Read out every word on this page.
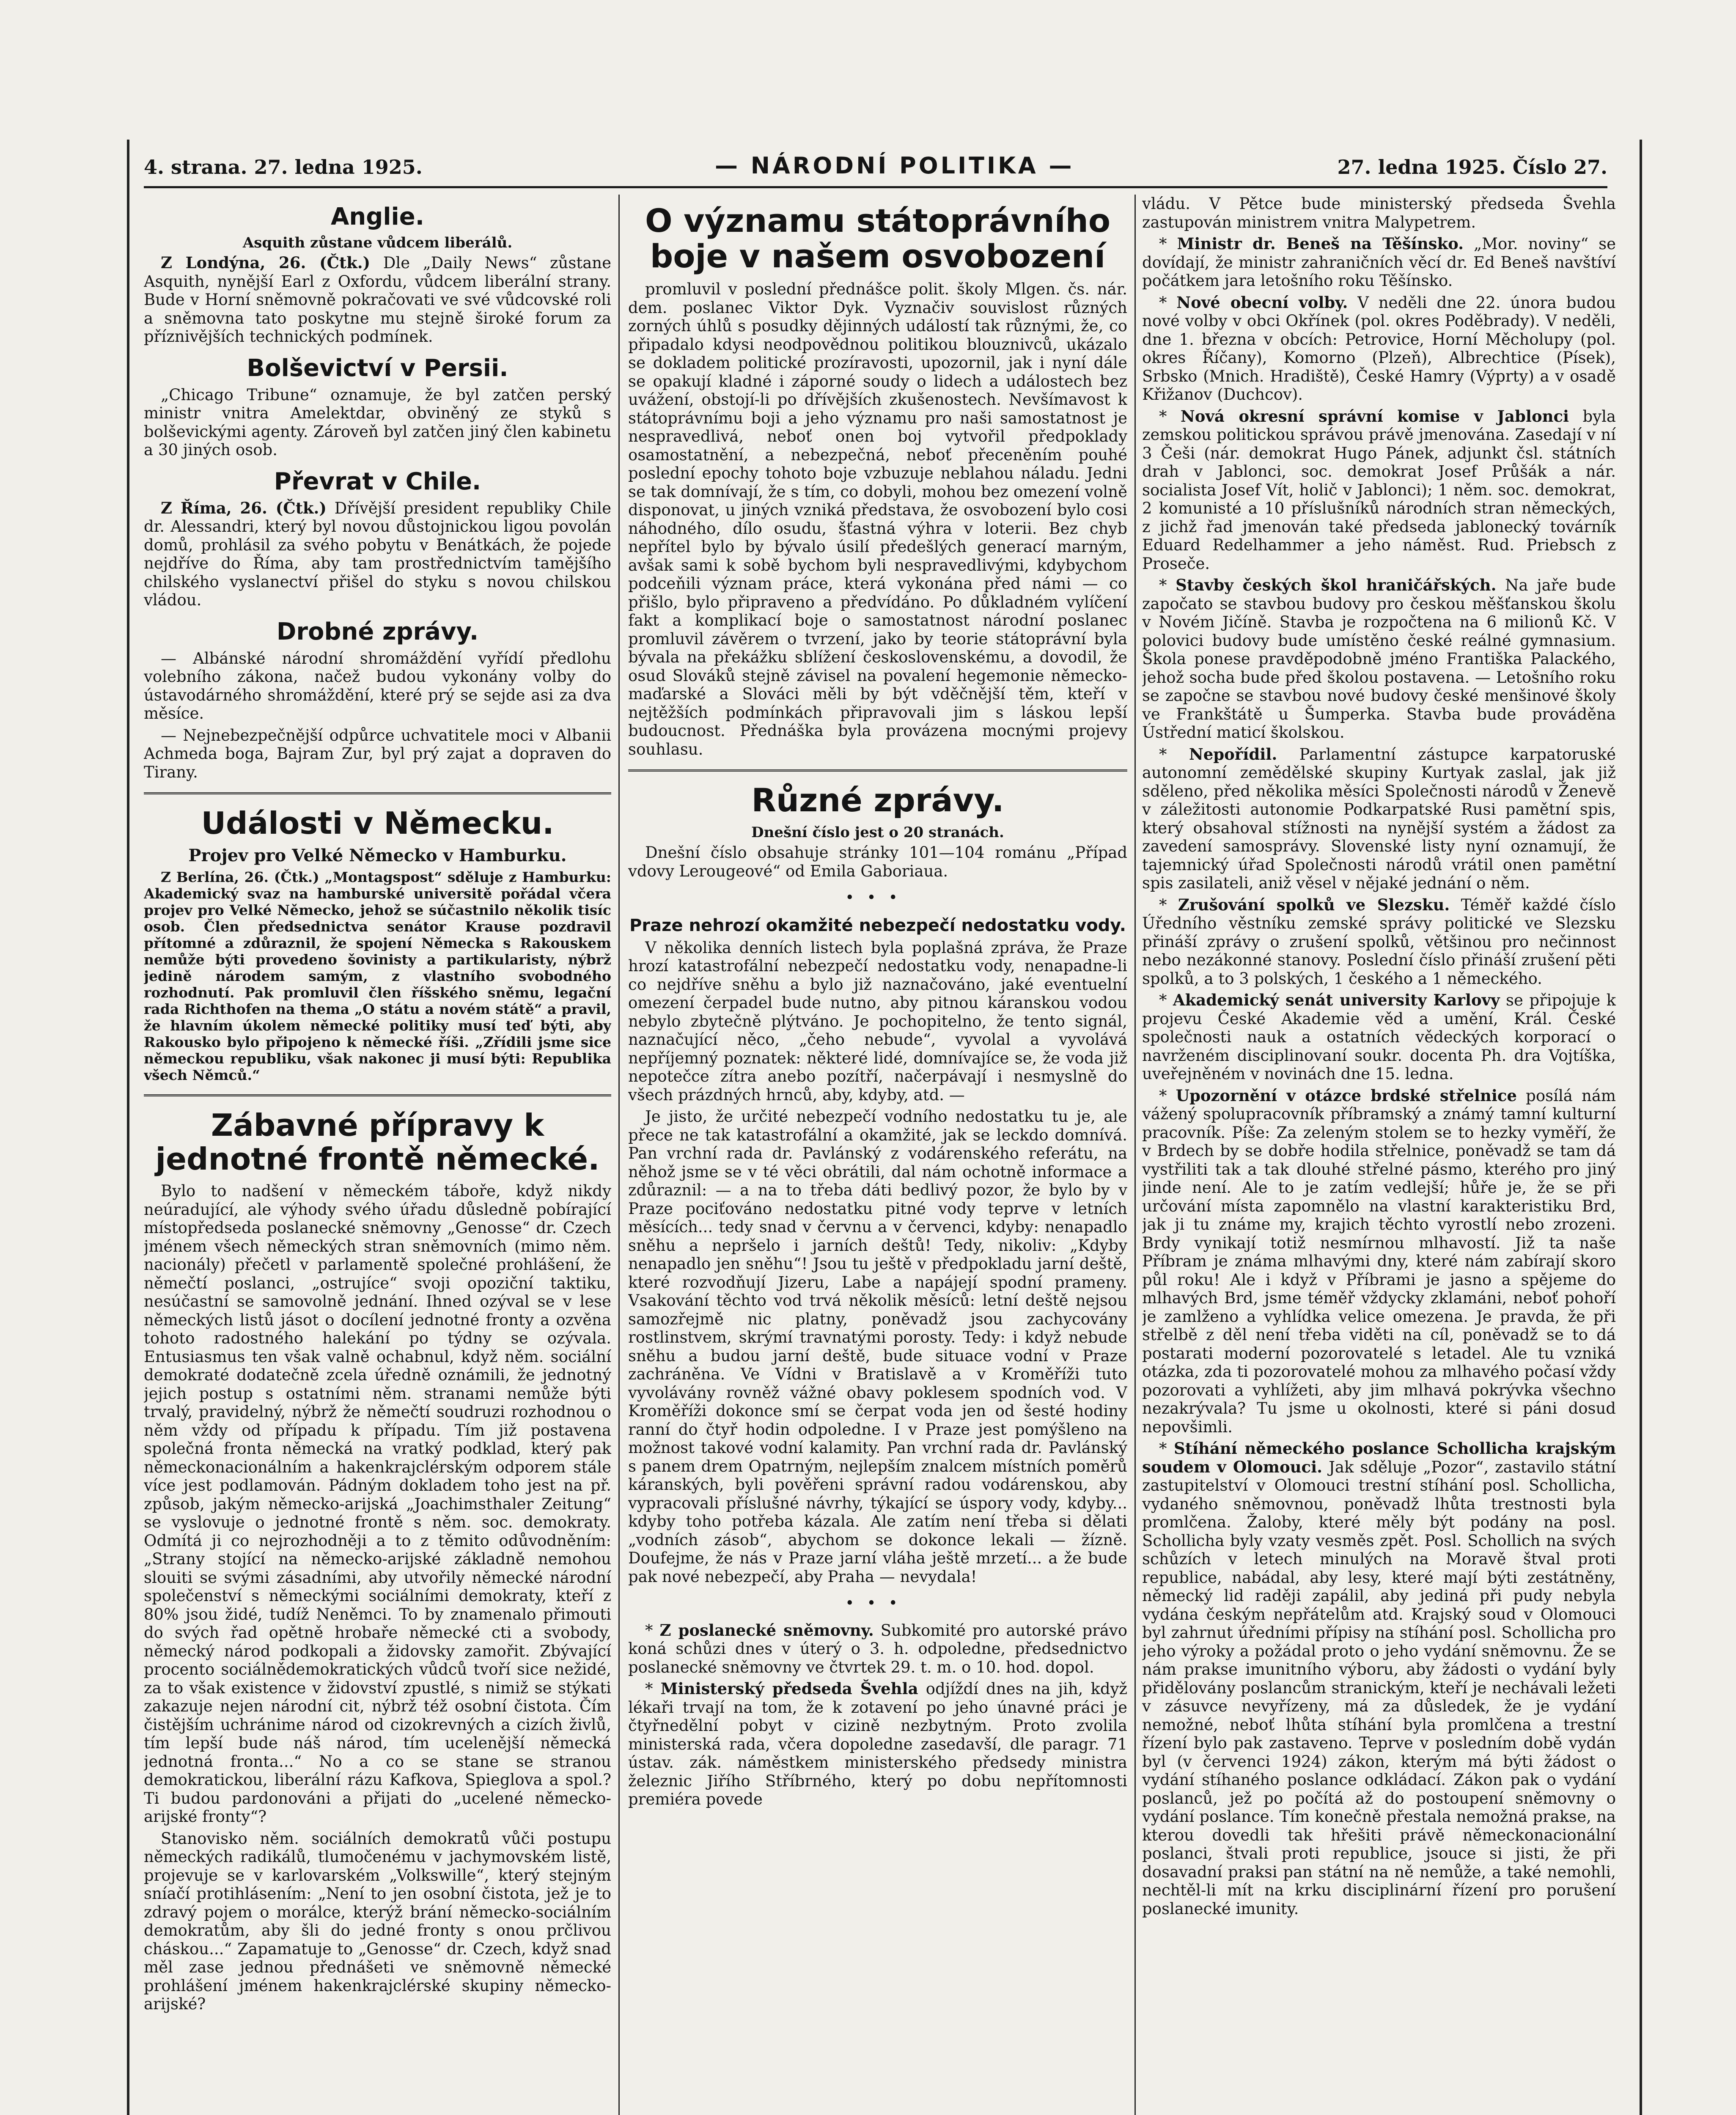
4. strana. 27. ledna 1925.	— NÁRODNÍ POLITIKA —	27. ledna 1925. Číslo 27.
Anglie.
Asquith zůstane vůdcem liberálů.

Z Londýna, 26. (Čtk.) Dle „Daily News“ zůstane Asquith, nynější Earl z Oxfordu, vůdcem liberální strany. Bude v Horní sněmovně pokračovati ve své vůdcovské roli a sněmovna tato poskytne mu stejně široké forum za příznivějších technických podmínek.

Bolševictví v Persii.

„Chicago Tribune“ oznamuje, že byl zatčen perský ministr vnitra Amelektdar, obviněný ze styků s bolševickými agenty. Zároveň byl zatčen jiný člen kabinetu a 30 jiných osob.

Převrat v Chile.

Z Říma, 26. (Čtk.) Dřívější president republiky Chile dr. Alessandri, který byl novou důstojnickou ligou povolán domů, prohlásil za svého pobytu v Benátkách, že pojede nejdříve do Říma, aby tam prostřednictvím tamějšího chilského vyslanectví přišel do styku s novou chilskou vládou.

Drobné zprávy.

— Albánské národní shromáždění vyřídí předlohu volebního zákona, načež budou vykonány volby do ústavodárného shromáždění, které prý se sejde asi za dva měsíce.

— Nejnebezpečnější odpůrce uchvatitele moci v Albanii Achmeda boga, Bajram Zur, byl prý zajat a dopraven do Tirany.

Události v Německu.
Projev pro Velké Německo v Hamburku.

Z Berlína, 26. (Čtk.) „Montagspost“ sděluje z Hamburku: Akademický svaz na hamburské universitě pořádal včera projev pro Velké Německo, jehož se súčastnilo několik tisíc osob. Člen předsednictva senátor Krause pozdravil přítomné a zdůraznil, že spojení Německa s Rakouskem nemůže býti provedeno šovinisty a partikularisty, nýbrž jedině národem samým, z vlastního svobodného rozhodnutí. Pak promluvil člen říšského sněmu, legační rada Richthofen na thema „O státu a novém státě“ a pravil, že hlavním úkolem německé politiky musí teď býti, aby Rakousko bylo připojeno k německé říši. „Zřídili jsme sice německou republiku, však nakonec ji musí býti: Republika všech Němců.“

Zábavné přípravy k jednotné frontě německé.

Bylo to nadšení v německém táboře, když nikdy neúradující, ale výhody svého úřadu důsledně pobírající místopředseda poslanecké sněmovny „Genosse“ dr. Czech jménem všech německých stran sněmovních (mimo něm. nacionály) přečetl v parlamentě společné prohlášení, že němečtí poslanci, „ostrujíce“ svoji opoziční taktiku, nesúčastní se samovolně jednání. Ihned ozýval se v lese německých listů jásot o docílení jednotné fronty a ozvěna tohoto radostného halekání po týdny se ozývala. Entusiasmus ten však valně ochabnul, když něm. sociální demokraté dodatečně zcela úředně oznámili, že jednotný jejich postup s ostatními něm. stranami nemůže býti trvalý, pravidelný, nýbrž že němečtí soudruzi rozhodnou o něm vždy od případu k případu. Tím již postavena společná fronta německá na vratký podklad, který pak německonacionálním a hakenkrajclérským odporem stále více jest podlamován. Pádným dokladem toho jest na př. způsob, jakým německo-arijská „Joachimsthaler Zeitung“ se vyslovuje o jednotné frontě s něm. soc. demokraty. Odmítá ji co nejrozhodněji a to z těmito odůvodněním: „Strany stojící na německo-arijské základně nemohou slouiti se svými zásadními, aby utvořily německé národní společenství s německými sociálními demokraty, kteří z 80% jsou židé, tudíž Neněmci. To by znamenalo přimouti do svých řad opětně hrobaře německé cti a svobody, německý národ podkopali a židovsky zamořit. Zbývající procento sociálnědemokratických vůdců tvoří sice nežidé, za to však existence v židovství zpustlé, s nimiž se stýkati zakazuje nejen národní cit, nýbrž též osobní čistota. Čím čistějším uchránime národ od cizokrevných a cizích živlů, tím lepší bude náš národ, tím ucelenější německá jednotná fronta...“ No a co se stane se stranou demokratickou, liberální rázu Kafkova, Spieglova a spol.? Ti budou pardonováni a přijati do „ucelené německo-arijské fronty“?

Stanovisko něm. sociálních demokratů vůči postupu německých radikálů, tlumočenému v jachymovském listě, projevuje se v karlovarském „Volkswille“, který stejným sníačí protihlásením: „Není to jen osobní čistota, jež je to zdravý pojem o morálce, kterýž brání německo-sociálním demokratům, aby šli do jedné fronty s onou prčlivou cháskou...“ Zapamatuje to „Genosse“ dr. Czech, když snad měl zase jednou přednášeti ve sněmovně německé prohlášení jménem hakenkrajclérské skupiny německo-arijské?

O významu státoprávního boje v našem osvobození

promluvil v poslední přednášce polit. školy Mlgen. čs. nár. dem. poslanec Viktor Dyk. Vyznačiv souvislost různých zorných úhlů s posudky dějinných událostí tak různými, že, co připadalo kdysi neodpovědnou politikou blouznivců, ukázalo se dokladem politické prozíravosti, upozornil, jak i nyní dále se opakují kladné i záporné soudy o lidech a událostech bez uvážení, obstojí-li po dřívějších zkušenostech. Nevšímavost k státoprávnímu boji a jeho významu pro naši samostatnost je nespravedlivá, neboť onen boj vytvořil předpoklady osamostatnění, a nebezpečná, neboť přeceněním pouhé poslední epochy tohoto boje vzbuzuje neblahou náladu. Jedni se tak domnívají, že s tím, co dobyli, mohou bez omezení volně disponovat, u jiných vzniká představa, že osvobození bylo cosi náhodného, dílo osudu, šťastná výhra v loterii. Bez chyb nepřítel bylo by bývalo úsilí předešlých generací marným, avšak sami k sobě bychom byli nespravedlivými, kdybychom podceňili význam práce, která vykonána před námi — co přišlo, bylo připraveno a předvídáno. Po důkladném vylíčení fakt a komplikací boje o samostatnost národní poslanec promluvil závěrem o tvrzení, jako by teorie státoprávní byla bývala na překážku sblížení československému, a dovodil, že osud Slováků stejně závisel na povalení hegemonie německo-maďarské a Slováci měli by být vděčnější těm, kteří v nejtěžších podmínkách připravovali jim s láskou lepší budoucnost. Přednáška byla provázena mocnými projevy souhlasu.

Různé zprávy.
Dnešní číslo jest o 20 stranách.

Dnešní číslo obsahuje stránky 101—104 románu „Případ vdovy Lerougeové“ od Emila Gaboriaua.

•••
Praze nehrozí okamžité nebezpečí nedostatku vody.

V několika denních listech byla poplašná zpráva, že Praze hrozí katastrofální nebezpečí nedostatku vody, nenapadne-li co nejdříve sněhu a bylo již naznačováno, jaké eventuelní omezení čerpadel bude nutno, aby pitnou káranskou vodou nebylo zbytečně plýtváno. Je pochopitelno, že tento signál, naznačující něco, „čeho nebude“, vyvolal a vyvolává nepříjemný poznatek: některé lidé, domnívajíce se, že voda již nepotečce zítra anebo pozítří, načerpávají i nesmyslně do všech prázdných hrnců, aby, kdyby, atd. —

Je jisto, že určité nebezpečí vodního nedostatku tu je, ale přece ne tak katastrofální a okamžité, jak se leckdo domnívá. Pan vrchní rada dr. Pavlánský z vodárenského referátu, na něhož jsme se v té věci obrátili, dal nám ochotně informace a zdůraznil: — a na to třeba dáti bedlivý pozor, že bylo by v Praze pociťováno nedostatku pitné vody teprve v letních měsících... tedy snad v červnu a v červenci, kdyby: nenapadlo sněhu a nepršelo i jarních deštů! Tedy, nikoliv: „Kdyby nenapadlo jen sněhu“! Jsou tu ještě v předpokladu jarní deště, které rozvodňují Jizeru, Labe a napájejí spodní prameny. Vsakování těchto vod trvá několik měsíců: letní deště nejsou samozřejmě nic platny, poněvadž jsou zachycovány rostlinstvem, skrýmí travnatými porosty. Tedy: i když nebude sněhu a budou jarní deště, bude situace vodní v Praze zachráněna. Ve Vídni v Bratislavě a v Kroměříži tuto vyvolávány rovněž vážné obavy poklesem spodních vod. V Kroměříži dokonce smí se čerpat voda jen od šesté hodiny ranní do čtyř hodin odpoledne. I v Praze jest pomýšleno na možnost takové vodní kalamity. Pan vrchní rada dr. Pavlánský s panem drem Opatrným, nejlepším znalcem místních poměrů káranských, byli pověřeni správní radou vodárenskou, aby vypracovali příslušné návrhy, týkající se úspory vody, kdyby... kdyby toho potřeba kázala. Ale zatím není třeba si dělati „vodních zásob“, abychom se dokonce lekali — žízně. Doufejme, že nás v Praze jarní vláha ještě mrzetí... a že bude pak nové nebezpečí, aby Praha — nevydala!

•••

* Z poslanecké sněmovny. Subkomité pro autorské právo koná schůzi dnes v úterý o 3. h. odpoledne, předsednictvo poslanecké sněmovny ve čtvrtek 29. t. m. o 10. hod. dopol.

* Ministerský předseda Švehla odjíždí dnes na jih, když lékaři trvají na tom, že k zotavení po jeho únavné práci je čtyřnedělní pobyt v cizině nezbytným. Proto zvolila ministerská rada, včera dopoledne zasedavší, dle paragr. 71 ústav. zák. náměstkem ministerského předsedy ministra železnic Jiřího Stříbrného, který po dobu nepřítomnosti premiéra povede

vládu. V Pětce bude ministerský předseda Švehla zastupován ministrem vnitra Malypetrem.

* Ministr dr. Beneš na Těšínsko. „Mor. noviny“ se dovídají, že ministr zahraničních věcí dr. Ed Beneš navštíví počátkem jara letošního roku Těšínsko.

* Nové obecní volby. V neděli dne 22. února budou nové volby v obci Okřínek (pol. okres Poděbrady). V neděli, dne 1. března v obcích: Petrovice, Horní Měcholupy (pol. okres Říčany), Komorno (Plzeň), Albrechtice (Písek), Srbsko (Mnich. Hradiště), České Hamry (Výprty) a v osadě Křižanov (Duchcov).

* Nová okresní správní komise v Jablonci byla zemskou politickou správou právě jmenována. Zasedají v ní 3 Češi (nár. demokrat Hugo Pánek, adjunkt čsl. státních drah v Jablonci, soc. demokrat Josef Průšák a nár. socialista Josef Vít, holič v Jablonci); 1 něm. soc. demokrat, 2 komunisté a 10 příslušníků národních stran německých, z jichž řad jmenován také předseda jablonecký továrník Eduard Redelhammer a jeho náměst. Rud. Priebsch z Proseče.

* Stavby českých škol hraničářských. Na jaře bude započato se stavbou budovy pro českou měšťanskou školu v Novém Jičíně. Stavba je rozpočtena na 6 milionů Kč. V polovici budovy bude umístěno české reálné gymnasium. Škola ponese pravděpodobně jméno Františka Palackého, jehož socha bude před školou postavena. — Letošního roku se započne se stavbou nové budovy české menšinové školy ve Frankštátě u Šumperka. Stavba bude prováděna Ústřední maticí školskou.

* Nepořídil. Parlamentní zástupce karpatoruské autonomní zemědělské skupiny Kurtyak zaslal, jak již sděleno, před několika měsíci Společnosti národů v Ženevě v záležitosti autonomie Podkarpatské Rusi pamětní spis, který obsahoval stížnosti na nynější systém a žádost za zavedení samosprávy. Slovenské listy nyní oznamují, že tajemnický úřad Společnosti národů vrátil onen pamětní spis zasilateli, aniž věsel v nějaké jednání o něm.

* Zrušování spolků ve Slezsku. Téměř každé číslo Úředního věstníku zemské správy politické ve Slezsku přináší zprávy o zrušení spolků, většinou pro nečinnost nebo nezákonné stanovy. Poslední číslo přináší zrušení pěti spolků, a to 3 polských, 1 českého a 1 německého.

* Akademický senát university Karlovy se připojuje k projevu České Akademie věd a umění, Král. České společnosti nauk a ostatních vědeckých korporací o navrženém disciplinovaní soukr. docenta Ph. dra Vojtíška, uveřejněném v novinách dne 15. ledna.

* Upozornění v otázce brdské střelnice posílá nám vážený spolupracovník příbramský a známý tamní kulturní pracovník. Píše: Za zeleným stolem se to hezky vyměří, že v Brdech by se dobře hodila střelnice, poněvadž se tam dá vystřiliti tak a tak dlouhé střelné pásmo, kterého pro jiný jinde není. Ale to je zatím vedlejší; hůře je, že se při určování místa zapomnělo na vlastní karakteristiku Brd, jak ji tu známe my, krajich těchto vyrostlí nebo zrozeni. Brdy vynikají totiž nesmírnou mlhavostí. Již ta naše Příbram je známa mlhavými dny, které nám zabírají skoro půl roku! Ale i když v Příbrami je jasno a spějeme do mlhavých Brd, jsme téměř vždycky zklamáni, neboť pohoří je zamlženo a vyhlídka velice omezena. Je pravda, že při střelbě z děl není třeba viděti na cíl, poněvadž se to dá postarati moderní pozorovatelé s letadel. Ale tu vzniká otázka, zda ti pozorovatelé mohou za mlhavého počasí vždy pozorovati a vyhlížeti, aby jim mlhavá pokrývka všechno nezakrývala? Tu jsme u okolnosti, které si páni dosud nepovšimli.

* Stíhání německého poslance Schollicha krajským soudem v Olomouci. Jak sděluje „Pozor“, zastavilo státní zastupitelství v Olomouci trestní stíhání posl. Schollicha, vydaného sněmovnou, poněvadž lhůta trestnosti byla promlčena. Žaloby, které měly být podány na posl. Schollicha byly vzaty vesměs zpět. Posl. Schollich na svých schůzích v letech minulých na Moravě štval proti republice, nabádal, aby lesy, které mají býti zestátněny, německý lid raději zapálil, aby jediná při pudy nebyla vydána českým nepřátelům atd. Krajský soud v Olomouci byl zahrnut úředními přípisy na stíhání posl. Schollicha pro jeho výroky a požádal proto o jeho vydání sněmovnu. Že se nám prakse imunitního výboru, aby žádosti o vydání byly přidělovány poslancům stranickým, kteří je nechávali ležeti v zásuvce nevyřízeny, má za důsledek, že je vydání nemožné, neboť lhůta stíhání byla promlčena a trestní řízení bylo pak zastaveno. Teprve v posledním době vydán byl (v červenci 1924) zákon, kterým má býti žádost o vydání stíhaného poslance odkládací. Zákon pak o vydání poslanců, jež po počítá až do postoupení sněmovny o vydání poslance. Tím konečně přestala nemožná prakse, na kterou dovedli tak hřešiti právě německonacionální poslanci, štvali proti republice, jsouce si jisti, že při dosavadní praksi pan státní na ně nemůže, a také nemohli, nechtěl-li mít na krku disciplinární řízení pro porušení poslanecké imunity.
